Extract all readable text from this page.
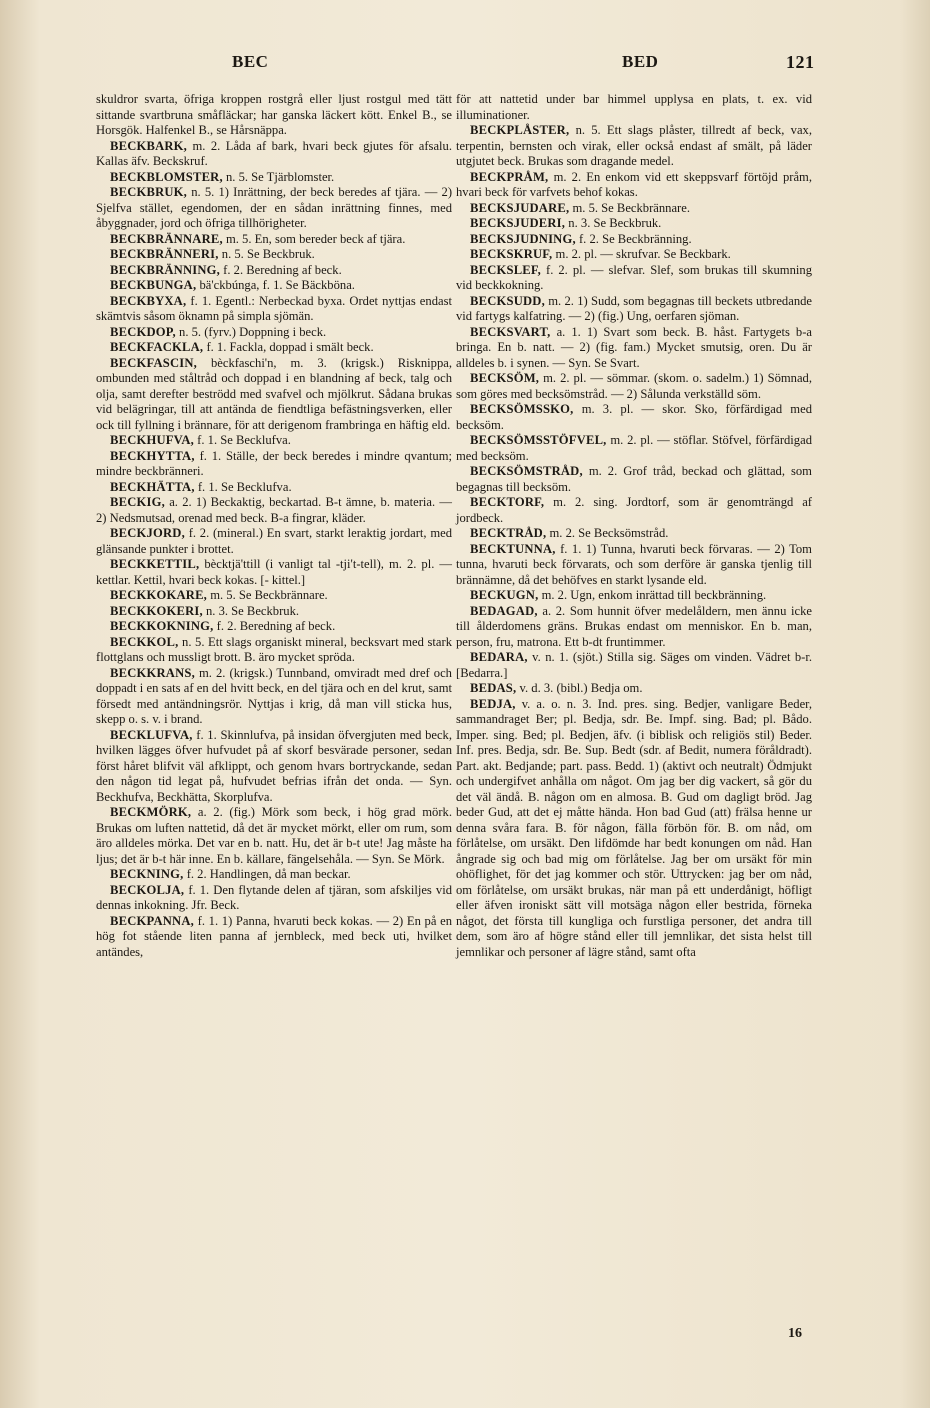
BEC	BED	121

skuldror svarta, öfriga kroppen rostgrå eller ljust rostgul med tätt sittande svartbruna småfläckar; har ganska läckert kött. Enkel B., se Horsgök. Halfenkel B., se Hårsnäppa.

BECKBARK, m. 2. Låda af bark, hvari beck gjutes för afsalu. Kallas äfv. Beckskruf.

BECKBLOMSTER, n. 5. Se Tjärblomster.

BECKBRUK, n. 5. 1) Inrättning, der beck beredes af tjära. — 2) Sjelfva stället, egendomen, der en sådan inrättning finnes, med åbyggnader, jord och öfriga tillhörigheter.

BECKBRÄNNARE, m. 5. En, som bereder beck af tjära.

BECKBRÄNNERI, n. 5. Se Beckbruk.

BECKBRÄNNING, f. 2. Beredning af beck.

BECKBUNGA, bä'ckbúnga, f. 1. Se Bäckböna.

BECKBYXA, f. 1. Egentl.: Nerbeckad byxa. Ordet nyttjas endast skämtvis såsom öknamn på simpla sjömän.

BECKDOP, n. 5. (fyrv.) Doppning i beck.

BECKFACKLA, f. 1. Fackla, doppad i smält beck.

BECKFASCIN, bèckfaschi'n, m. 3. (krigsk.) Risknippa, ombunden med ståltråd och doppad i en blandning af beck, talg och olja, samt derefter beströdd med svafvel och mjölkrut. Sådana brukas vid belägringar, till att antända de fiendtliga befästningsverken, eller ock till fyllning i brännare, för att derigenom frambringa en häftig eld.

BECKHUFVA, f. 1. Se Beckluf​va.

BECKHYTTA, f. 1. Ställe, der beck beredes i mindre qvantum; mindre beckbränneri.

BECKHÄTTA, f. 1. Se Beckluf​va.

BECKIG, a. 2. 1) Beckaktig, beckartad. B-t ämne, b. materia. — 2) Nedsmutsad, orenad med beck. B-a fingrar, kläder.

BECKJORD, f. 2. (mineral.) En svart, starkt leraktig jordart, med glänsande punkter i brottet.

BECKKETTIL, bècktjä'ttill (i vanligt tal -tji't-tell), m. 2. pl. — kettlar. Kettil, hvari beck kokas. [- kittel.]

BECKKOKARE, m. 5. Se Beckbrännare.

BECKKOKERI, n. 3. Se Beckbruk.

BECKKOKNING, f. 2. Beredning af beck.

BECKKOL, n. 5. Ett slags organiskt mineral, becksvart med stark flottglans och mussligt brott. B. äro mycket spröda.

BECKKRANS, m. 2. (krigsk.) Tunnband, omviradt med dref och doppadt i en sats af en del hvitt beck, en del tjära och en del krut, samt försedt med antändningsrör. Nyttjas i krig, då man vill sticka hus, skepp o. s. v. i brand.

BECKLUFVA, f. 1. Skinnlufva, på insidan öfvergjuten med beck, hvilken lägges öfver hufvudet på af skorf besvärade personer, sedan först håret blifvit väl afklippt, och genom hvars bortryckande, sedan den någon tid legat på, hufvudet befrias ifrån det onda. — Syn. Beckhufva, Beckhätta, Skorplufva.

BECKMÖRK, a. 2. (fig.) Mörk som beck, i hög grad mörk. Brukas om luften nattetid, då det är mycket mörkt, eller om rum, som äro alldeles mörka. Det var en b. natt. Hu, det är b-t ute! Jag måste ha ljus; det är b-t här inne. En b. källare, fängelsehåla. — Syn. Se Mörk.

BECKNING, f. 2. Handlingen, då man beckar.

BECKOLJA, f. 1. Den flytande delen af tjäran, som afskiljes vid dennas inkokning. Jfr. Beck.

BECKPANNA, f. 1. 1) Panna, hvaruti beck kokas. — 2) En på en hög fot stående liten panna af jernbleck, med beck uti, hvilket antändes,

för att nattetid under bar himmel upplysa en plats, t. ex. vid illuminationer.

BECKPLÅSTER, n. 5. Ett slags plåster, tillredt af beck, vax, terpentin, bernsten och virak, eller också endast af smält, på läder utgjutet beck. Brukas som dragande medel.

BECKPRÅM, m. 2. En enkom vid ett skeppsvarf förtöjd pråm, hvari beck för varfvets behof kokas.

BECKSJUDARE, m. 5. Se Beckbrännare.

BECKSJUDERI, n. 3. Se Beckbruk.

BECKSJUDNING, f. 2. Se Beckbränning.

BECKSKRUF, m. 2. pl. — skrufvar. Se Beckbark.

BECKSLEF, f. 2. pl. — slefvar. Slef, som brukas till skumning vid beckkokning.

BECKSUDD, m. 2. 1) Sudd, som begagnas till beckets utbredande vid fartygs kalfatring. — 2) (fig.) Ung, oerfaren sjöman.

BECKSVART, a. 1. 1) Svart som beck. B. håst. Fartygets b-a bringa. En b. natt. — 2) (fig. fam.) Mycket smutsig, oren. Du är alldeles b. i synen. — Syn. Se Svart.

BECKSÖM, m. 2. pl. — sömmar. (skom. o. sadelm.) 1) Sömnad, som göres med becksömstråd. — 2) Sålunda verkställd söm.

BECKSÖMSSKO, m. 3. pl. — skor. Sko, förfärdigad med becksöm.

BECKSÖMSSTÖFVEL, m. 2. pl. — stöflar. Stöfvel, förfärdigad med becksöm.

BECKSÖMSTRÅD, m. 2. Grof tråd, beckad och glättad, som begagnas till becksöm.

BECKTORF, m. 2. sing. Jordtorf, som är genomträngd af jordbeck.

BECKTRÅD, m. 2. Se Becksömstråd.

BECKTUNNA, f. 1. 1) Tunna, hvaruti beck förvaras. — 2) Tom tunna, hvaruti beck förvarats, och som derföre är ganska tjenlig till brännämne, då det behöfves en starkt lysande eld.

BECKUGN, m. 2. Ugn, enkom inrättad till beckbränning.

BEDAGAD, a. 2. Som hunnit öfver medelåldern, men ännu icke till ålderdomens gräns. Brukas endast om menniskor. En b. man, person, fru, matrona. Ett b-dt fruntimmer.

BEDARA, v. n. 1. (sjöt.) Stilla sig. Säges om vinden. Vädret b-r. [Bedarra.]

BEDAS, v. d. 3. (bibl.) Bedja om.

BEDJA, v. a. o. n. 3. Ind. pres. sing. Bedjer, vanligare Beder, sammandraget Ber; pl. Bedja, sdr. Be. Impf. sing. Bad; pl. Bådo. Imper. sing. Bed; pl. Bedjen, äfv. (i biblisk och religiös stil) Beder. Inf. pres. Bedja, sdr. Be. Sup. Bedt (sdr. af Bedit, numera föråldradt). Part. akt. Bedjande; part. pass. Bedd. 1) (aktivt och neutralt) Ödmjukt och undergifvet anhålla om något. Om jag ber dig vackert, så gör du det väl ändå. B. någon om en almosa. B. Gud om dagligt bröd. Jag beder Gud, att det ej måtte hända. Hon bad Gud (att) frälsa henne ur denna svåra fara. B. för någon, fälla förbön för. B. om nåd, om förlåtelse, om ursäkt. Den lifdömde har bedt konungen om nåd. Han ångrade sig och bad mig om förlåtelse. Jag ber om ursäkt för min ohöflighet, för det jag kommer och stör. Uttrycken: jag ber om nåd, om förlåtelse, om ursäkt brukas, när man på ett underdånigt, höfligt eller äfven ironiskt sätt vill motsäga någon eller bestrida, förneka något, det första till kungliga och furstliga personer, det andra till dem, som äro af högre stånd eller till jemnlikar, det sista helst till jemnlikar och personer af lägre stånd, samt ofta

16
